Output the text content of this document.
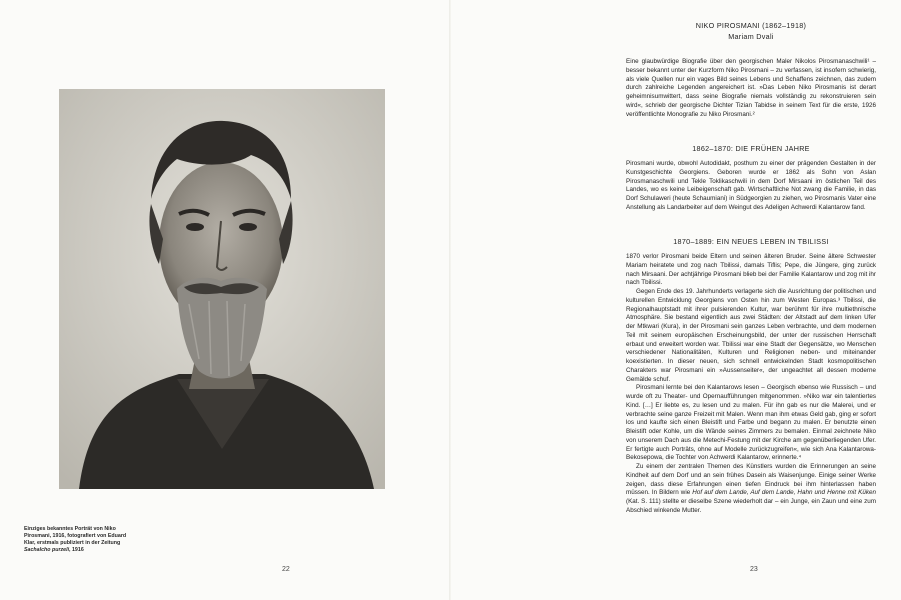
Einziges bekanntes Porträt von Niko Pirosmani, 1916, fotografiert von Eduard Klar, erstmals publiziert in der Zeitung Sachalcho purzeli, 1916
22
NIKO PIROSMANI (1862–1918)
Mariam Dvali

Eine glaubwürdige Biografie über den georgischen Maler Nikolos Pirosmanaschwili¹ – besser bekannt unter der Kurzform Niko Pirosmani – zu verfassen, ist insofern schwierig, als viele Quellen nur ein vages Bild seines Lebens und Schaffens zeichnen, das zudem durch zahlreiche Legenden angereichert ist. »Das Leben Niko Pirosmanis ist derart geheimnisumwittert, dass seine Biografie niemals vollständig zu rekonstruieren sein wird«, schrieb der georgische Dichter Tizian Tabidse in seinem Text für die erste, 1926 veröffentlichte Monografie zu Niko Pirosmani.²

1862–1870: DIE FRÜHEN JAHRE

Pirosmani wurde, obwohl Autodidakt, posthum zu einer der prägenden Gestalten in der Kunstgeschichte Georgiens. Geboren wurde er 1862 als Sohn von Aslan Pirosmanaschwili und Tekle Toklikaschwili in dem Dorf Mirsaani im östlichen Teil des Landes, wo es keine Leibeigenschaft gab. Wirtschaftliche Not zwang die Familie, in das Dorf Schulaweri (heute Schaumiani) in Südgeorgien zu ziehen, wo Pirosmanis Vater eine Anstellung als Landarbeiter auf dem Weingut des Adeligen Achwerdi Kalantarow fand.

1870–1889: EIN NEUES LEBEN IN TBILISSI

1870 verlor Pirosmani beide Eltern und seinen älteren Bruder. Seine ältere Schwester Mariam heiratete und zog nach Tbilissi, damals Tiflis; Pepe, die Jüngere, ging zurück nach Mirsaani. Der achtjährige Pirosmani blieb bei der Familie Kalantarow und zog mit ihr nach Tbilissi.

Gegen Ende des 19. Jahrhunderts verlagerte sich die Ausrichtung der politischen und kulturellen Entwicklung Georgiens von Osten hin zum Westen Europas.³ Tbilissi, die Regionalhauptstadt mit ihrer pulsierenden Kultur, war berühmt für ihre multiethnische Atmosphäre. Sie bestand eigentlich aus zwei Städten: der Altstadt auf dem linken Ufer der Mtkwari (Kura), in der Pirosmani sein ganzes Leben verbrachte, und dem modernen Teil mit seinem europäischen Erscheinungsbild, der unter der russischen Herrschaft erbaut und erweitert worden war. Tbilissi war eine Stadt der Gegensätze, wo Menschen verschiedener Nationalitäten, Kulturen und Religionen neben- und miteinander koexistierten. In dieser neuen, sich schnell entwickelnden Stadt kosmopolitischen Charakters war Pirosmani ein »Aussenseiter«, der ungeachtet all dessen moderne Gemälde schuf.

Pirosmani lernte bei den Kalantarows lesen – Georgisch ebenso wie Russisch – und wurde oft zu Theater- und Opernaufführungen mitgenommen. »Niko war ein talentiertes Kind. […] Er liebte es, zu lesen und zu malen. Für ihn gab es nur die Malerei, und er verbrachte seine ganze Freizeit mit Malen. Wenn man ihm etwas Geld gab, ging er sofort los und kaufte sich einen Bleistift und Farbe und begann zu malen. Er benutzte einen Bleistift oder Kohle, um die Wände seines Zimmers zu bemalen. Einmal zeichnete Niko von unserem Dach aus die Metechi-Festung mit der Kirche am gegenüberliegenden Ufer. Er fertigte auch Porträts, ohne auf Modelle zurückzugreifen«, wie sich Ana Kalantarowa-Bekosepowa, die Tochter von Achwerdi Kalantarow, erinnerte.⁴

Zu einem der zentralen Themen des Künstlers wurden die Erinnerungen an seine Kindheit auf dem Dorf und an sein frühes Dasein als Waisenjunge. Einige seiner Werke zeigen, dass diese Erfahrungen einen tiefen Eindruck bei ihm hinterlassen haben müssen. In Bildern wie Hof auf dem Lande, Auf dem Lande, Hahn und Henne mit Küken (Kat. S. 111) stellte er dieselbe Szene wiederholt dar – ein Junge, ein Zaun und eine zum Abschied winkende Mutter.

23
